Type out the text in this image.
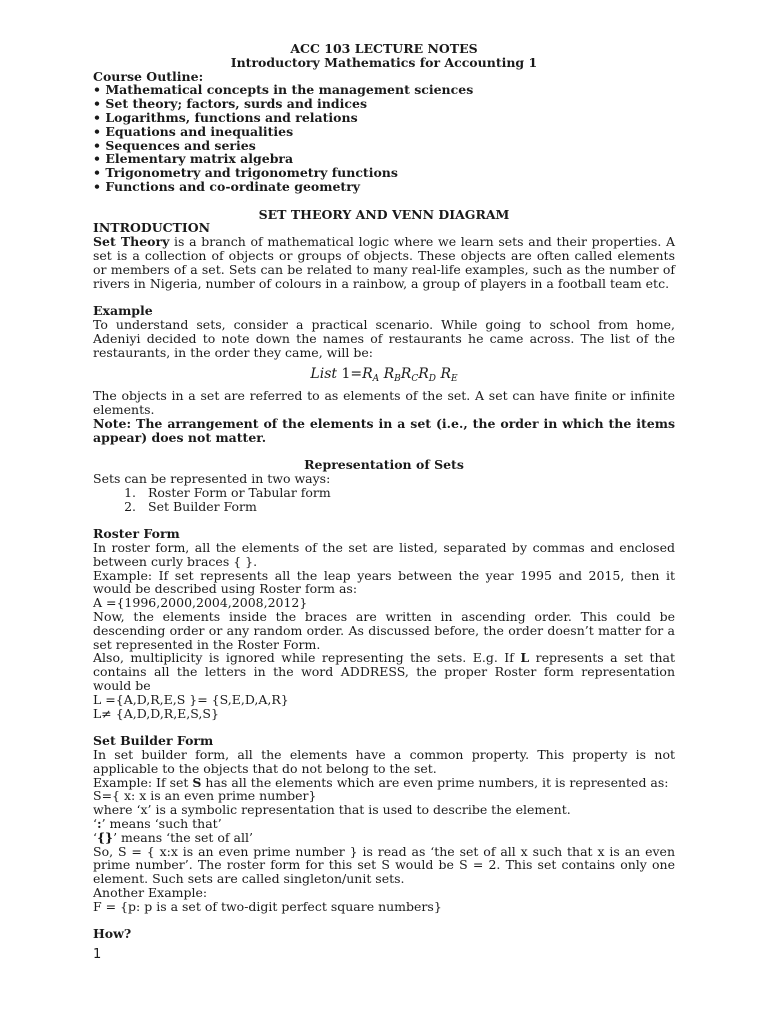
ACC 103 LECTURE NOTES

Introductory Mathematics for Accounting 1

Course Outline:

• Mathematical concepts in the management sciences
• Set theory; factors, surds and indices
• Logarithms, functions and relations
• Equations and inequalities
• Sequences and series
• Elementary matrix algebra
• Trigonometry and trigonometry functions
• Functions and co-ordinate geometry

SET THEORY AND VENN DIAGRAM

INTRODUCTION

Set Theory is a branch of mathematical logic where we learn sets and their properties. A set is a collection of objects or groups of objects. These objects are often called elements or members of a set. Sets can be related to many real-life examples, such as the number of rivers in Nigeria, number of colours in a rainbow, a group of players in a football team etc.

Example

To understand sets, consider a practical scenario. While going to school from home, Adeniyi decided to note down the names of restaurants he came across. The list of the restaurants, in the order they came, will be:

List $1=R_A$ $R_BR_CR_D$ $R_E$

The objects in a set are referred to as elements of the set. A set can have finite or infinite elements.

Note: The arrangement of the elements in a set (i.e., the order in which the items appear) does not matter.

Representation of Sets

Sets can be represented in two ways:

1. Roster Form or Tabular form
2. Set Builder Form

Roster Form

In roster form, all the elements of the set are listed, separated by commas and enclosed between curly braces { }.

Example: If set represents all the leap years between the year 1995 and 2015, then it would be described using Roster form as:

A ={1996,2000,2004,2008,2012}

Now, the elements inside the braces are written in ascending order. This could be descending order or any random order. As discussed before, the order doesn’t matter for a set represented in the Roster Form.

Also, multiplicity is ignored while representing the sets. E.g. If L represents a set that contains all the letters in the word ADDRESS, the proper Roster form representation would be

L ={A,D,R,E,S }= {S,E,D,A,R}

L≠ {A,D,D,R,E,S,S}

Set Builder Form

In set builder form, all the elements have a common property. This property is not applicable to the objects that do not belong to the set.

Example: If set S has all the elements which are even prime numbers, it is represented as:

S={ x: x is an even prime number}

where ‘x’ is a symbolic representation that is used to describe the element.

‘:’ means ‘such that’

‘{}’ means ‘the set of all’

So, S = { x:x is an even prime number } is read as ‘the set of all x such that x is an even prime number’. The roster form for this set S would be S = 2. This set contains only one element. Such sets are called singleton/unit sets.

Another Example:

F = {p: p is a set of two-digit perfect square numbers}

How?

1
